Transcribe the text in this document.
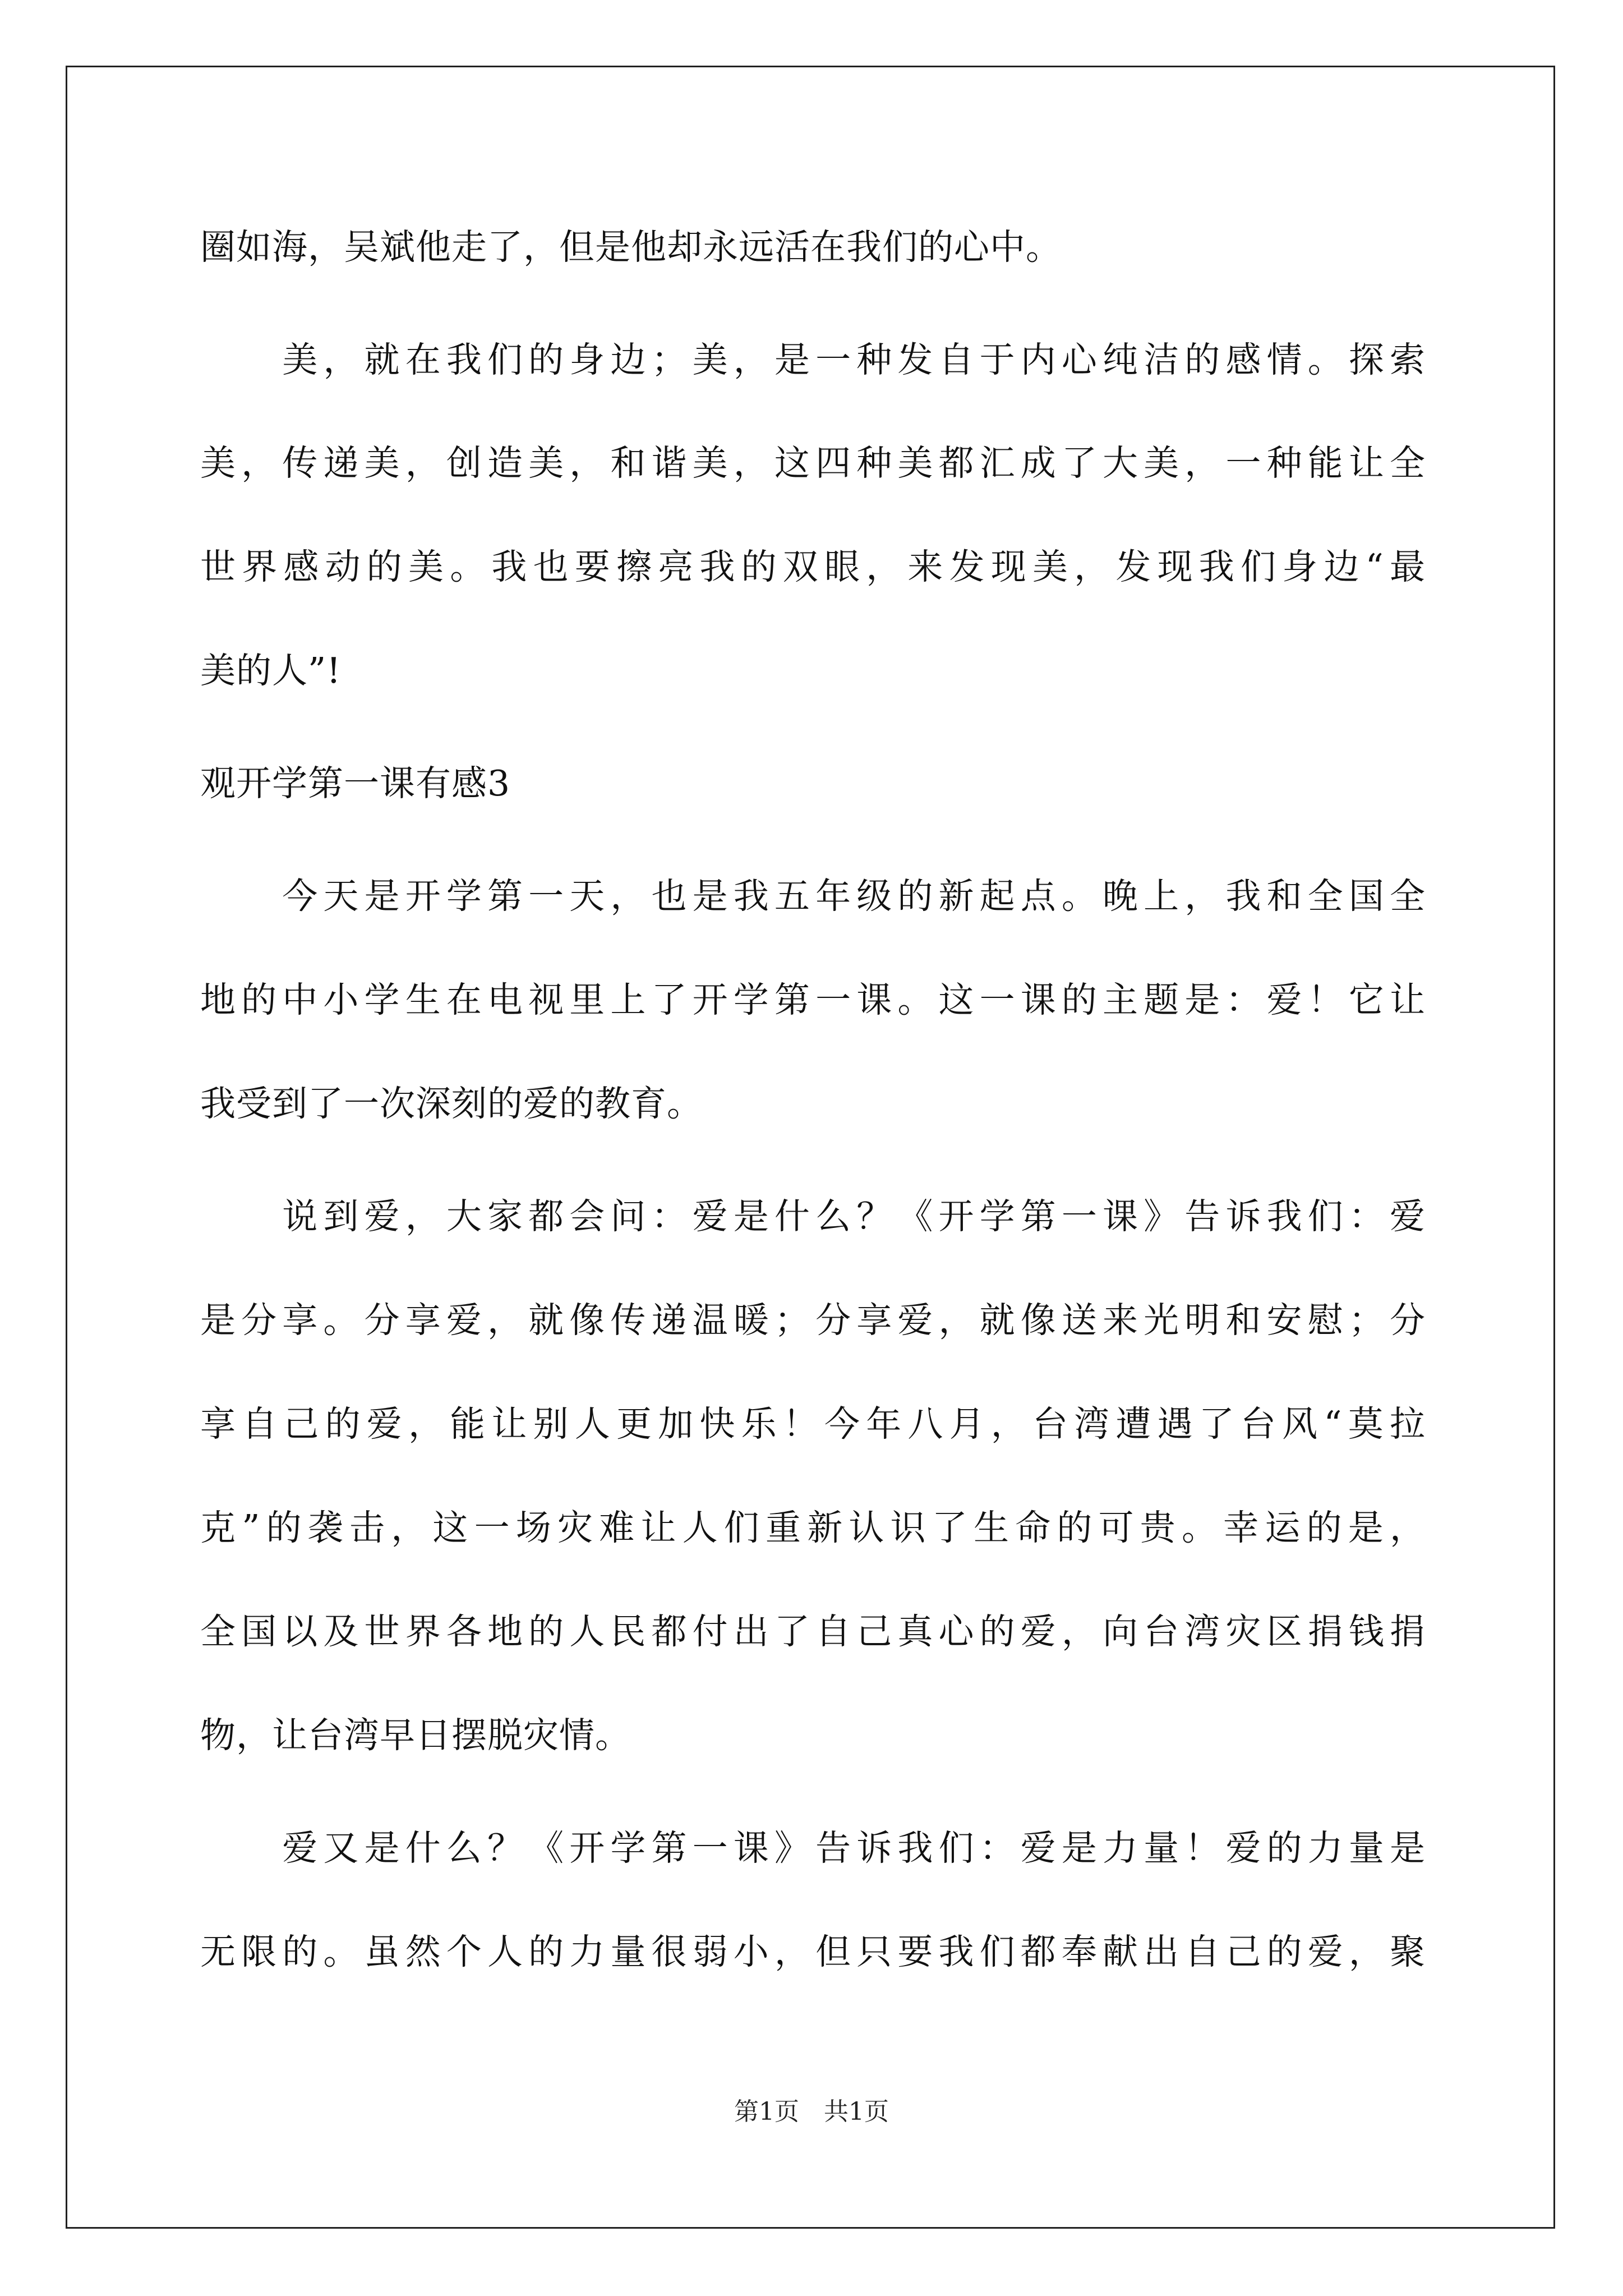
圈如海，吴斌他走了，但是他却永远活在我们的心中。
　　美，就在我们的身边；美，是一种发自于内心纯洁的感情。探索
美，传递美，创造美，和谐美，这四种美都汇成了大美，一种能让全
世界感动的美。我也要擦亮我的双眼，来发现美，发现我们身边“最
美的人”!
观开学第一课有感3
　　今天是开学第一天，也是我五年级的新起点。晚上，我和全国全
地的中小学生在电视里上了开学第一课。这一课的主题是：爱！它让
我受到了一次深刻的爱的教育。
　　说到爱，大家都会问：爱是什么？《开学第一课》告诉我们：爱
是分享。分享爱，就像传递温暖；分享爱，就像送来光明和安慰；分
享自己的爱，能让别人更加快乐！今年八月，台湾遭遇了台风“莫拉
克”的袭击，这一场灾难让人们重新认识了生命的可贵。幸运的是，
全国以及世界各地的人民都付出了自己真心的爱，向台湾灾区捐钱捐
物，让台湾早日摆脱灾情。
　　爱又是什么？《开学第一课》告诉我们：爱是力量！爱的力量是
无限的。虽然个人的力量很弱小，但只要我们都奉献出自己的爱，聚
第1页　共1页
